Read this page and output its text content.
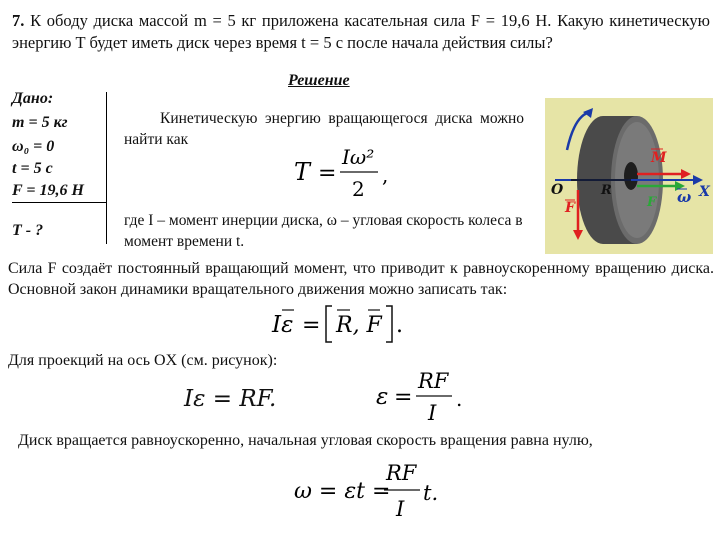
7. К ободу диска массой m = 5 кг приложена касательная сила F = 19,6 Н. Какую кинетическую энергию T будет иметь диск через время t = 5 с после начала действия силы?
Дано:
m = 5 кг
ω₀ = 0
t = 5 с
F = 19,6 Н
T - ?
Решение
Кинетическую энергию вращающегося диска можно найти как
T =
Iω²
2
,
где I – момент инерции диска, ω – угловая скорость колеса в момент времени t.
M
O	R	X
F	F ω
Сила F создаёт постоянный вращающий момент, что приводит к равноускоренному вращению диска. Основной закон динамики вращательного движения можно записать так:
Iε = R, F .
Для проекций на ось OX (см. рисунок):
Iε = RF.	ε =
RF
I
.
Диск вращается равноускоренно, начальная угловая скорость вращения равна нулю,
ω = εt =
RF
I
t.
